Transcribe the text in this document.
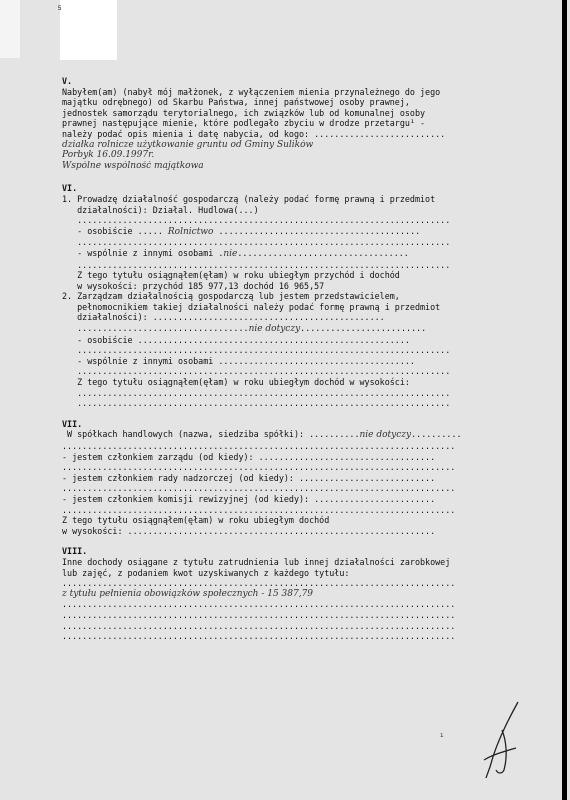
5
V.
Nabyłem(am) (nabył mój małżonek, z wyłączeniem mienia przynależnego do jego
majątku odrębnego) od Skarbu Państwa, innej państwowej osoby prawnej,
jednostek samorządu terytorialnego, ich związków lub od komunalnej osoby
prawnej następujące mienie, które podlegało zbyciu w drodze przetargu¹ -
należy podać opis mienia i datę nabycia, od kogo: ..........................
działka rolnicze użytkowanie gruntu od Gminy Sulików
Porbyk 16.09.1997r.
Wspólne wspólność majątkowa
VI.
1. Prowadzę działalność gospodarczą (należy podać formę prawną i przedmiot
działalności): Działal. Hudlowa(...)
..........................................................................
- osobiście ..... Rolnictwo ........................................
..........................................................................
- wspólnie z innymi osobami .nie..................................
..........................................................................
Z tego tytułu osiągnąłem(ęłam) w roku ubiegłym przychód i dochód
w wysokości: przychód 185 977,13 dochód 16 965,57
2. Zarządzam działalnością gospodarczą lub jestem przedstawicielem,
pełnomocnikiem takiej działalności należy podać formę prawną i przedmiot
działalności): ..............................................
..................................nie dotyczy.........................
- osobiście ......................................................
..........................................................................
- wspólnie z innymi osobami .......................................
..........................................................................
Z tego tytułu osiągnąłem(ęłam) w roku ubiegłym dochód w wysokości:
..........................................................................
..........................................................................
VII.
W spółkach handlowych (nazwa, siedziba spółki): ..........nie dotyczy..........
..............................................................................
- jestem członkiem zarządu (od kiedy): ...................................
..............................................................................
- jestem członkiem rady nadzorczej (od kiedy): ...........................
..............................................................................
- jestem członkiem komisji rewizyjnej (od kiedy): ........................
..............................................................................
Z tego tytułu osiągnąłem(ęłam) w roku ubiegłym dochód
w wysokości: .............................................................
VIII.
Inne dochody osiągane z tytułu zatrudnienia lub innej działalności zarobkowej
lub zajęć, z podaniem kwot uzyskiwanych z każdego tytułu:
..............................................................................
z tytułu pełnienia obowiązków społecznych - 15 387,79
..............................................................................
..............................................................................
..............................................................................
..............................................................................
ı
